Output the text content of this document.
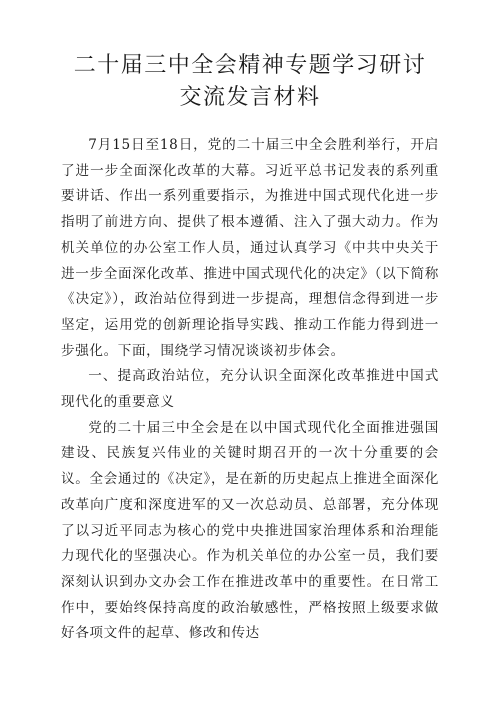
二十届三中全会精神专题学习研讨交流发言材料

7月15日至18日，党的二十届三中全会胜利举行，开启了进一步全面深化改革的大幕。习近平总书记发表的系列重要讲话、作出一系列重要指示，为推进中国式现代化进一步指明了前进方向、提供了根本遵循、注入了强大动力。作为机关单位的办公室工作人员，通过认真学习《中共中央关于进一步全面深化改革、推进中国式现代化的决定》（以下简称《决定》），政治站位得到进一步提高，理想信念得到进一步坚定，运用党的创新理论指导实践、推动工作能力得到进一步强化。下面，围绕学习情况谈谈初步体会。

一、提高政治站位，充分认识全面深化改革推进中国式现代化的重要意义

党的二十届三中全会是在以中国式现代化全面推进强国建设、民族复兴伟业的关键时期召开的一次十分重要的会议。全会通过的《决定》，是在新的历史起点上推进全面深化改革向广度和深度进军的又一次总动员、总部署，充分体现了以习近平同志为核心的党中央推进国家治理体系和治理能力现代化的坚强决心。作为机关单位的办公室一员，我们要深刻认识到办文办会工作在推进改革中的重要性。在日常工作中，要始终保持高度的政治敏感性，严格按照上级要求做好各项文件的起草、修改和传达
